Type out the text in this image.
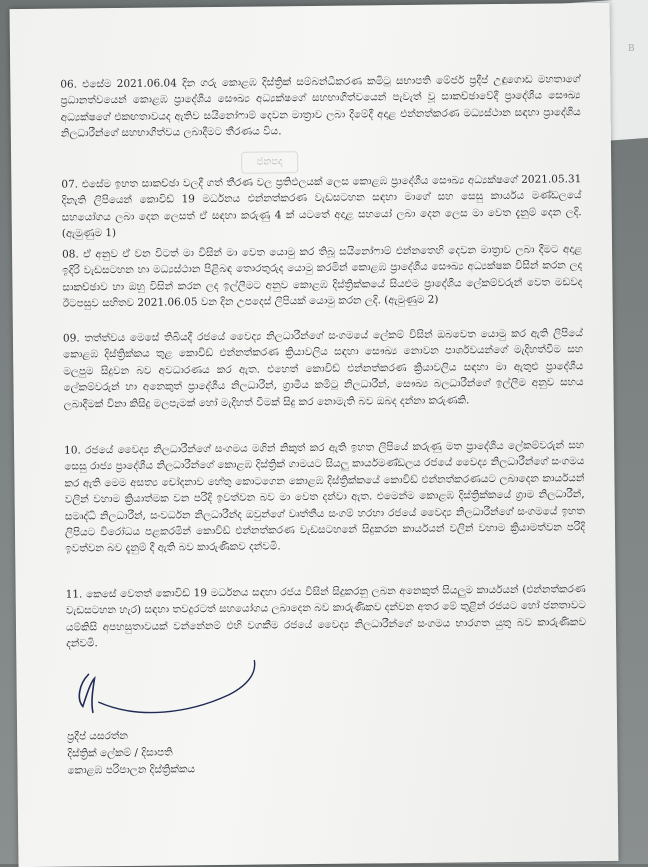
B
06. එසේම 2021.06.04 දින ගරු කොළඹ දිස්ත්‍රික් සම්බන්ධීකරණ කමිටු සභාපති මේජර් ප්‍රදීප් උඳුගොඩ මහතාගේ ප්‍රධානත්වයෙන් කොළඹ ප්‍රාදේශීය සෞඛ්‍ය අධ්‍යක්ෂගේ සහභාගීත්වයෙන් පැවැත් වූ සාකච්ඡාවේදී ප්‍රාදේශීය සෞඛ්‍ය අධ්‍යක්ෂගේ එකඟතාවයද ඇතිව සයිනෝෆාම් දෙවන මාත්‍රාව ලබා දීමේදී අදාළ එන්නත්කරණ මධ්‍යස්ථාන සඳහා ප්‍රාදේශීය නිලධාරීන්ගේ සහභාගීත්වය ලබාදීමට තීරණය විය.
ජනපද
07. එසේම ඉහත සාකච්ඡා වලදී ගත් තීරණ වල ප්‍රතිඵලයක් ලෙස කොළඹ ප්‍රාදේශීය සෞඛ්‍ය අධ්‍යක්ෂගේ 2021.05.31 දිනැති ලිපියෙන් කොවිඩ් 19 මර්ධනය එන්නත්කරණ වැඩසටහන සඳහා මාගේ සහ සෙසු කාර්යය මණ්ඩලයේ සහයෝගය ලබා දෙන ලෙසත් ඒ සඳහා කරුණු 4 ක් යටතේ අදාළ සහයෝ ලබා දෙන ලෙස මා වෙත දැනුම් දෙන ලදි. (ඇමුණුම 1)
08. ඒ අනුව ඒ වන විටත් මා විසින් මා වෙත යොමු කර තිබූ සයිනෝෆාම් එන්නතෙහි දෙවන මාත්‍රාව ලබා දීමට අදාළ ඉදිරි වැඩසටහන හා මධ්‍යස්ථාන පිළිබඳ තොරතුරුද යොමු කරමින් කොළඹ ප්‍රාදේශීය සෞඛ්‍ය අධ්‍යක්ෂක විසින් කරන ලද සාකච්ඡාව හා ඔහු විසින් කරන ලද ඉල්ලීමට අනුව කොළඹ දිස්ත්‍රික්කයේ සියළුම ප්‍රාදේශීය ලේකම්වරුන් වෙත මඩවද ඊටපසුව සහිතව 2021.06.05 වන දින උපදෙස් ලිපියක් යොමු කරන ලදි. (ඇමුණුම 2)
09. තත්ත්වය මෙසේ තිබියදී රජයේ වෛද්‍ය නිලධාරීන්ගේ සංගමයේ ලේකම් විසින් ඔබවෙත යොමු කර ඇති ලිපියේ කොළඹ දිස්ත්‍රික්කය තුළ කොවිඩ් එන්නත්කරණ ක්‍රියාවලිය සඳහා සෞඛ්‍ය නොවන පාර්ශවයන්ගේ මැදිහත්වීම සහ මලපුම සිදුවන බව අවධාරණය කර ඇත. එහෙත් කොවිඩ් එන්නත්කරණ ක්‍රියාවලිය සඳහා මා ඇතුළු ප්‍රාදේශීය ලේකම්වරුන් හා අනෙකුත් ප්‍රාදේශීය නිලධාරීන්, ග්‍රාමීය කමිටු නිලධාරීන්, සෞඛ්‍ය බලධාරීන්ගේ ඉල්ලීම අනුව සහය ලබාදීමක් විනා කිසිදු මලපැමක් හෝ මැදිහත් වීමක් සිදු කර නොමැති බව ඔබද දන්නා කරුණකි.
10. රජයේ වෛද්‍ය නිලධාරීන්ගේ සංගමය මගින් නිකුත් කර ඇති ඉහත ලිපියේ කරුණු මත ප්‍රාදේශීය ලේකම්වරුන් සහ සෙසු රාජ්‍ය ප්‍රාදේශීය නිලධාරීන්ගේ කොළඹ දිස්ත්‍රික් ගාමයට සියලු කාර්යමණ්ඩලය රජයේ වෛද්‍ය නිලධාරීන්ගේ සංගමය කර ඇති මෙම අසත්‍ය චෝදනාව හේතු කොටගෙන කොළඹ දිස්ත්‍රික්කයේ කොවිඩ් එන්නත්කරණයට ලබාදෙන කාර්යයන් වලින් වහාම ක්‍රියාත්මක වන පරිදි ඉවත්වන බව මා වෙත දන්වා ඇත. එමෙන්ම කොළඹ දිස්ත්‍රික්කයේ ග්‍රාම නිලධාරීන්, සමෘද්ධි නිලධාරීන්, සංවර්ධන නිලධාරීන්ද ඔවුන්ගේ වෘත්තීය සංගම් හරහා රජයේ වෛද්‍ය නිලධාරීන්ගේ සංගමයේ ඉහත ලිපියට විරෝධය පළකරමින් කොවිඩ් එන්නත්කරණ වැඩසටහනේ සිදුකරන කාර්යයන් වලින් වහාම ක්‍රියාමත්වන පරිදි ඉවත්වන බව දැනුම් දී ඇති බව කාරුණිකව දන්වමි.
11. කෙසේ වෙතත් කොවිඩ් 19 මර්ධනය සඳහා රජය විසින් සිදුකරනු ලබන අනෙකුත් සියලුම කාර්යයන් (එන්නත්කරණ වැඩසටහන හැර) සඳහා තවදුරටත් සහයෝගය ලබාදෙන බව කාරුණිකව දන්වන අතර මේ තුළින් රජයට හෝ ජනතාවට යම්කිසි අපහසුතාවයක් වන්නේනම් එහි වගකීම රජයේ වෛද්‍ය නිලධාරීන්ගේ සංගමය භාරගත යුතු බව කාරුණිකව දන්වමි.
ප්‍රදීප් යසරත්න
දිස්ත්‍රික් ලේකම් / දිසාපති
කොළඹ පරිපාලන දිස්ත්‍රික්කය
